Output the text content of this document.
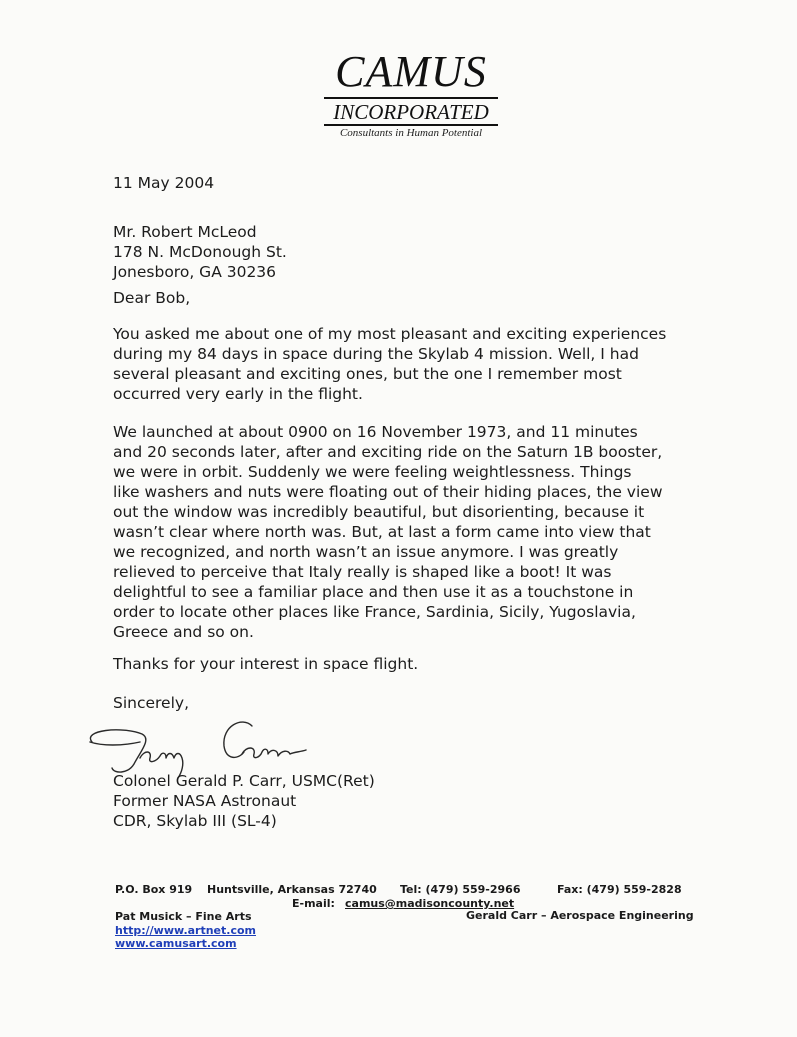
CAMUS
INCORPORATED
Consultants in Human Potential
11 May 2004
Mr. Robert McLeod
178 N. McDonough St.
Jonesboro, GA 30236
Dear Bob,
You asked me about one of my most pleasant and exciting experiences
during my 84 days in space during the Skylab 4 mission. Well, I had
several pleasant and exciting ones, but the one I remember most
occurred very early in the flight.
We launched at about 0900 on 16 November 1973, and 11 minutes
and 20 seconds later, after and exciting ride on the Saturn 1B booster,
we were in orbit. Suddenly we were feeling weightlessness. Things
like washers and nuts were floating out of their hiding places, the view
out the window was incredibly beautiful, but disorienting, because it
wasn’t clear where north was. But, at last a form came into view that
we recognized, and north wasn’t an issue anymore. I was greatly
relieved to perceive that Italy really is shaped like a boot! It was
delightful to see a familiar place and then use it as a touchstone in
order to locate other places like France, Sardinia, Sicily, Yugoslavia,
Greece and so on.
Thanks for your interest in space flight.
Sincerely,
Colonel Gerald P. Carr, USMC(Ret)
Former NASA Astronaut
CDR, Skylab III (SL-4)
P.O. Box 919 Huntsville, Arkansas 72740 Tel: (479) 559-2966	Fax: (479) 559-2828
E-mail: camus@madisoncounty.net
Pat Musick – Fine Arts	Gerald Carr – Aerospace Engineering
http://www.artnet.com
www.camusart.com
